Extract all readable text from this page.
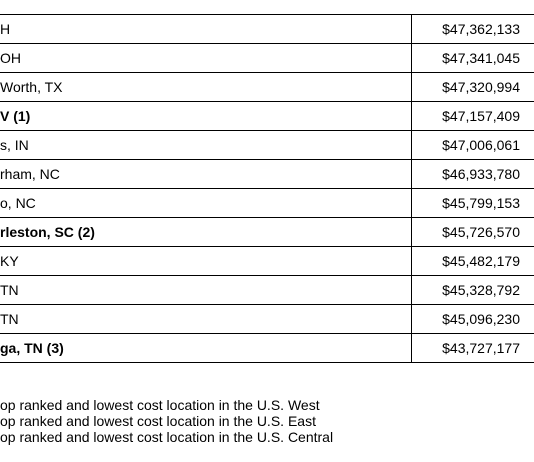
H	$47,362,133
OH	$47,341,045
Worth, TX	$47,320,994
V (1)	$47,157,409
s, IN	$47,006,061
rham, NC	$46,933,780
o, NC	$45,799,153
rleston, SC (2)	$45,726,570
KY	$45,482,179
TN	$45,328,792
TN	$45,096,230
ga, TN (3)	$43,727,177
op ranked and lowest cost location in the U.S. West
op ranked and lowest cost location in the U.S. East
op ranked and lowest cost location in the U.S. Central
